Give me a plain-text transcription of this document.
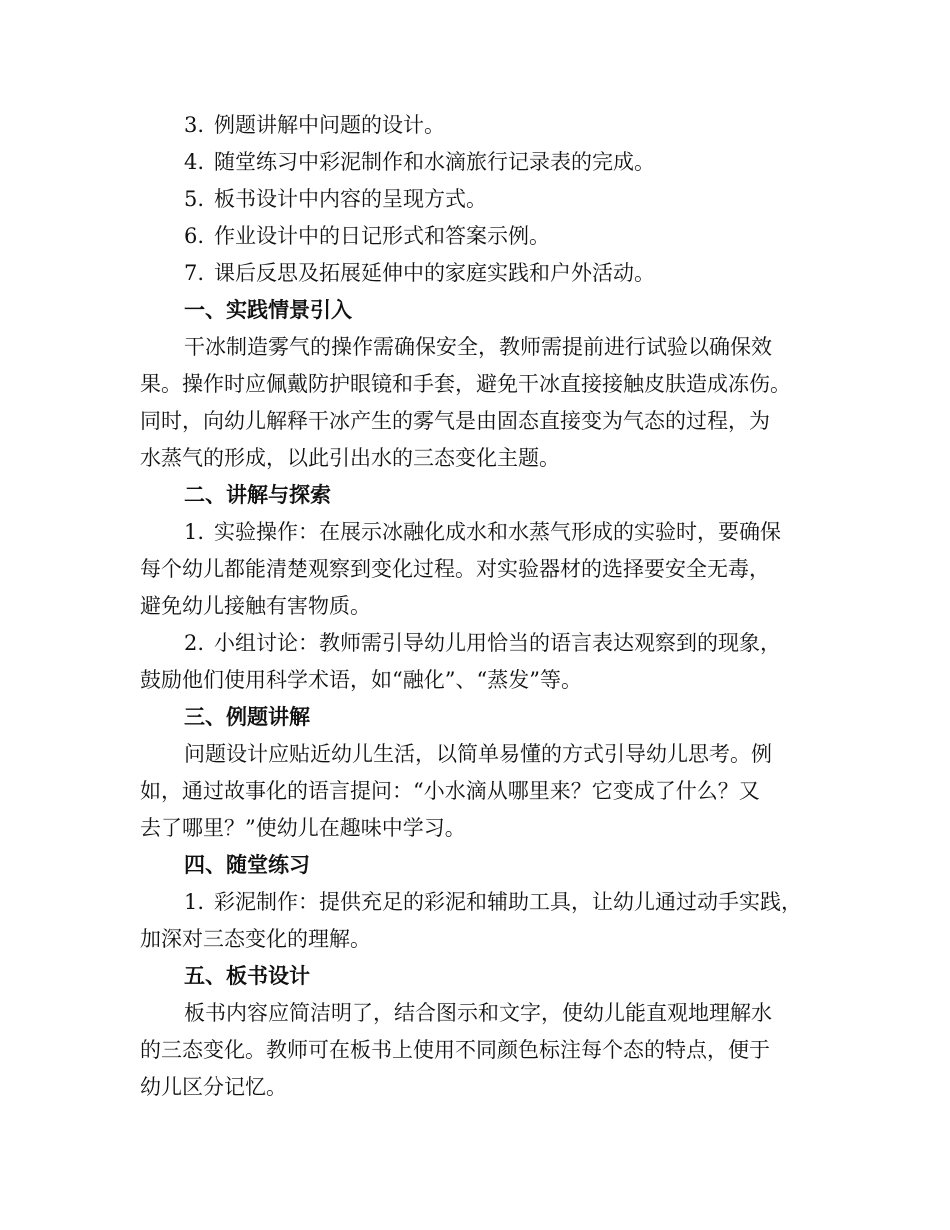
3. 例题讲解中问题的设计。
4. 随堂练习中彩泥制作和水滴旅行记录表的完成。
5. 板书设计中内容的呈现方式。
6. 作业设计中的日记形式和答案示例。
7. 课后反思及拓展延伸中的家庭实践和户外活动。
一、实践情景引入
干冰制造雾气的操作需确保安全，教师需提前进行试验以确保效
果。操作时应佩戴防护眼镜和手套，避免干冰直接接触皮肤造成冻伤。
同时，向幼儿解释干冰产生的雾气是由固态直接变为气态的过程，为
水蒸气的形成，以此引出水的三态变化主题。
二、讲解与探索
1. 实验操作：在展示冰融化成水和水蒸气形成的实验时，要确保
每个幼儿都能清楚观察到变化过程。对实验器材的选择要安全无毒，
避免幼儿接触有害物质。
2. 小组讨论：教师需引导幼儿用恰当的语言表达观察到的现象，
鼓励他们使用科学术语，如“融化”、“蒸发”等。
三、例题讲解
问题设计应贴近幼儿生活，以简单易懂的方式引导幼儿思考。例
如，通过故事化的语言提问：“小水滴从哪里来？它变成了什么？又
去了哪里？”使幼儿在趣味中学习。
四、随堂练习
1. 彩泥制作：提供充足的彩泥和辅助工具，让幼儿通过动手实践，
加深对三态变化的理解。
五、板书设计
板书内容应简洁明了，结合图示和文字，使幼儿能直观地理解水
的三态变化。教师可在板书上使用不同颜色标注每个态的特点，便于
幼儿区分记忆。
